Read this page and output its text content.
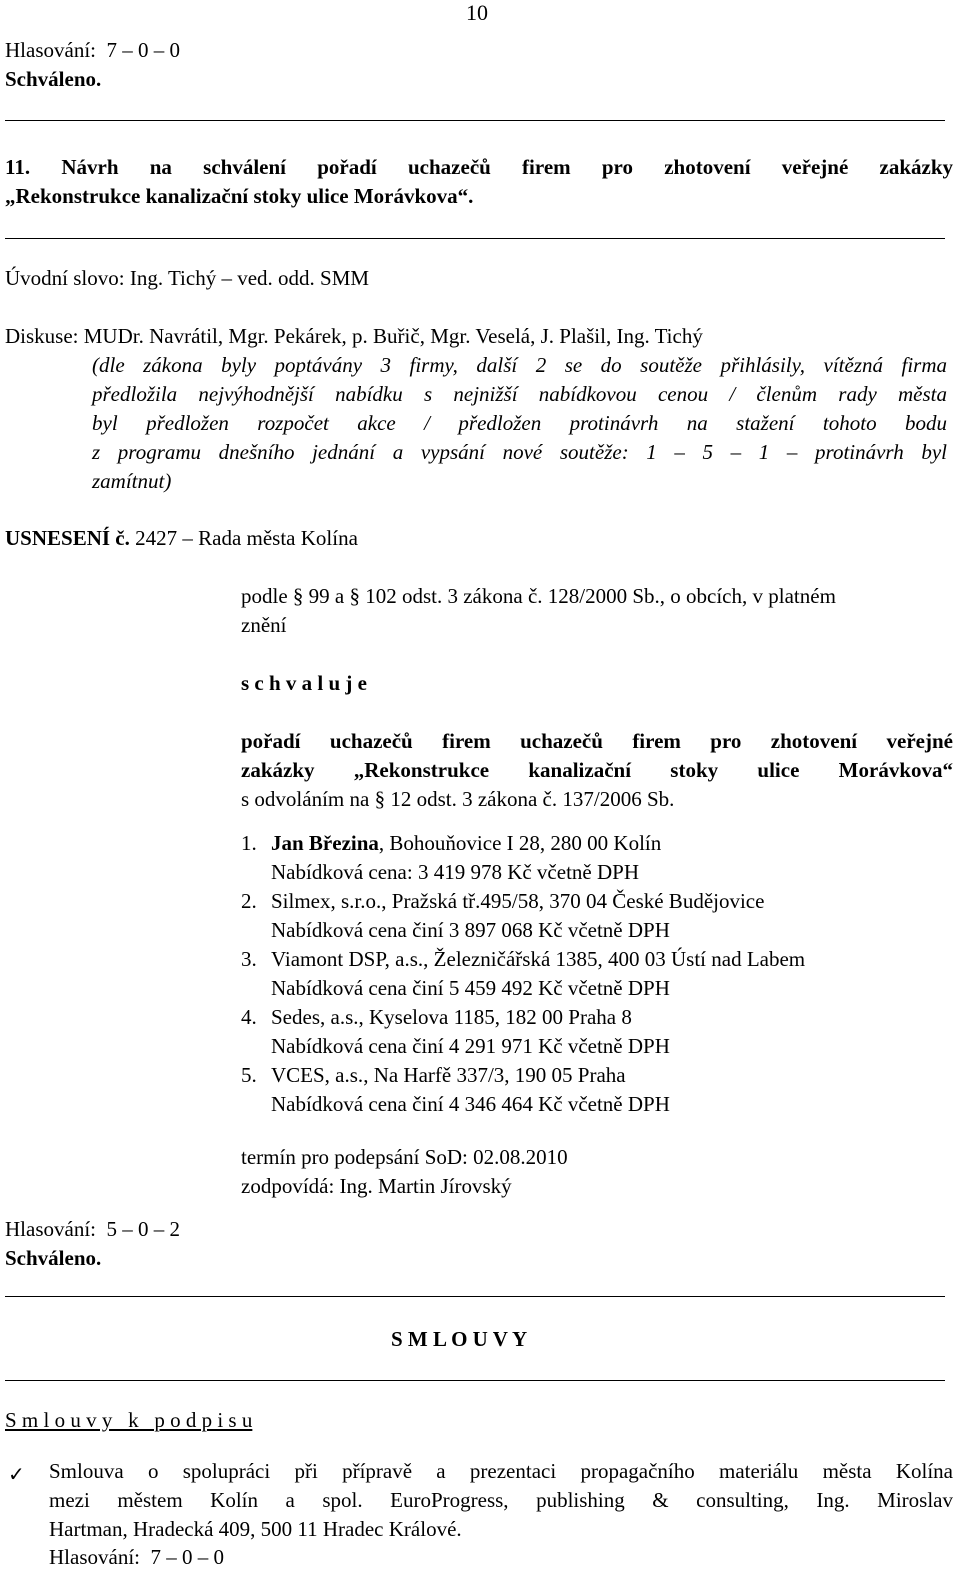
10
Hlasování: 7 – 0 – 0
Schváleno.
11. Návrh na schválení pořadí uchazečů firem pro zhotovení veřejné zakázky
„Rekonstrukce kanalizační stoky ulice Morávkova“.
Úvodní slovo: Ing. Tichý – ved. odd. SMM
Diskuse: MUDr. Navrátil, Mgr. Pekárek, p. Buřič, Mgr. Veselá, J. Plašil, Ing. Tichý
(dle zákona byly poptávány 3 firmy, další 2 se do soutěže přihlásily, vítězná firma
předložila nejvýhodnější nabídku s nejnižší nabídkovou cenou / členům rady města
byl předložen rozpočet akce / předložen protinávrh na stažení tohoto bodu
z programu dnešního jednání a vypsání nové soutěže: 1 – 5 – 1 – protinávrh byl
zamítnut)
USNESENÍ č. 2427 – Rada města Kolína
podle § 99 a § 102 odst. 3 zákona č. 128/2000 Sb., o obcích, v platném
znění
s c h v a l u j e
pořadí uchazečů firem uchazečů firem pro zhotovení veřejné
zakázky „Rekonstrukce kanalizační stoky ulice Morávkova“
s odvoláním na § 12 odst. 3 zákona č. 137/2006 Sb.
1. Jan Březina, Bohouňovice I 28, 280 00 Kolín
Nabídková cena: 3 419 978 Kč včetně DPH
2. Silmex, s.r.o., Pražská tř.495/58, 370 04 České Budějovice
Nabídková cena činí 3 897 068 Kč včetně DPH
3. Viamont DSP, a.s., Železničářská 1385, 400 03 Ústí nad Labem
Nabídková cena činí 5 459 492 Kč včetně DPH
4. Sedes, a.s., Kyselova 1185, 182 00 Praha 8
Nabídková cena činí 4 291 971 Kč včetně DPH
5. VCES, a.s., Na Harfě 337/3, 190 05 Praha
Nabídková cena činí 4 346 464 Kč včetně DPH
termín pro podepsání SoD: 02.08.2010
zodpovídá: Ing. Martin Jírovský
Hlasování: 5 – 0 – 2
Schváleno.
S M L O U V Y
S m l o u v y   k   p o d p i s u
✓ Smlouva o spolupráci při přípravě a prezentaci propagačního materiálu města Kolína
mezi městem Kolín a spol. EuroProgress, publishing & consulting, Ing. Miroslav
Hartman, Hradecká 409, 500 11 Hradec Králové.
Hlasování: 7 – 0 – 0
